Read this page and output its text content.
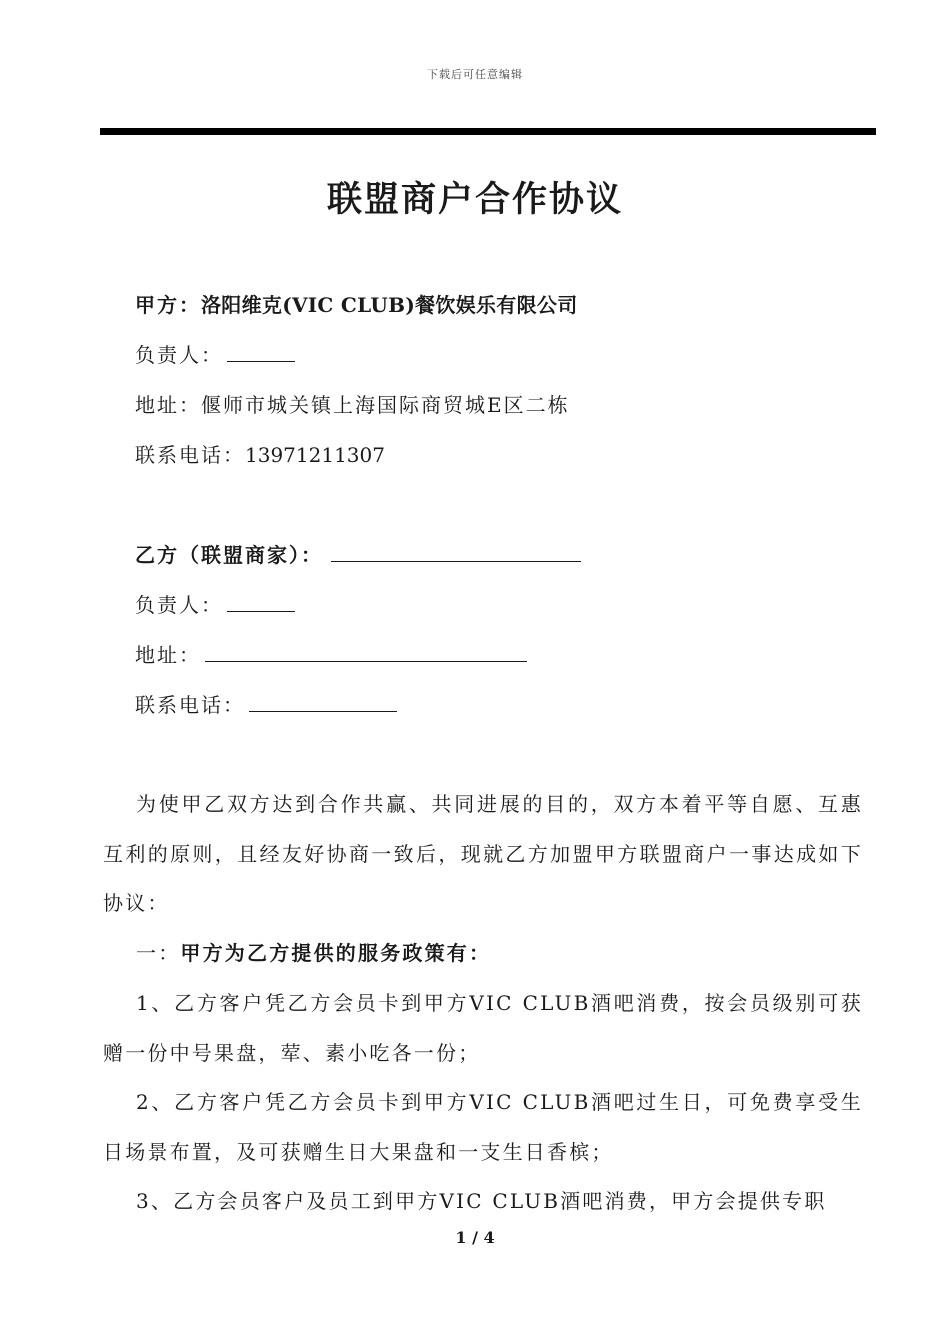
下载后可任意编辑
联盟商户合作协议
甲方：洛阳维克(VIC CLUB)餐饮娱乐有限公司
负责人：
地址：偃师市城关镇上海国际商贸城E区二栋
联系电话：13971211307
乙方（联盟商家）：
负责人：
地址：
联系电话：
为使甲乙双方达到合作共赢、共同进展的目的，双方本着平等自愿、互惠互利的原则，且经友好协商一致后，现就乙方加盟甲方联盟商户一事达成如下协议：
一：甲方为乙方提供的服务政策有：
1、乙方客户凭乙方会员卡到甲方VIC CLUB酒吧消费，按会员级别可获赠一份中号果盘，荤、素小吃各一份；
2、乙方客户凭乙方会员卡到甲方VIC CLUB酒吧过生日，可免费享受生日场景布置，及可获赠生日大果盘和一支生日香槟；
3、乙方会员客户及员工到甲方VIC CLUB酒吧消费，甲方会提供专职
1 / 4
